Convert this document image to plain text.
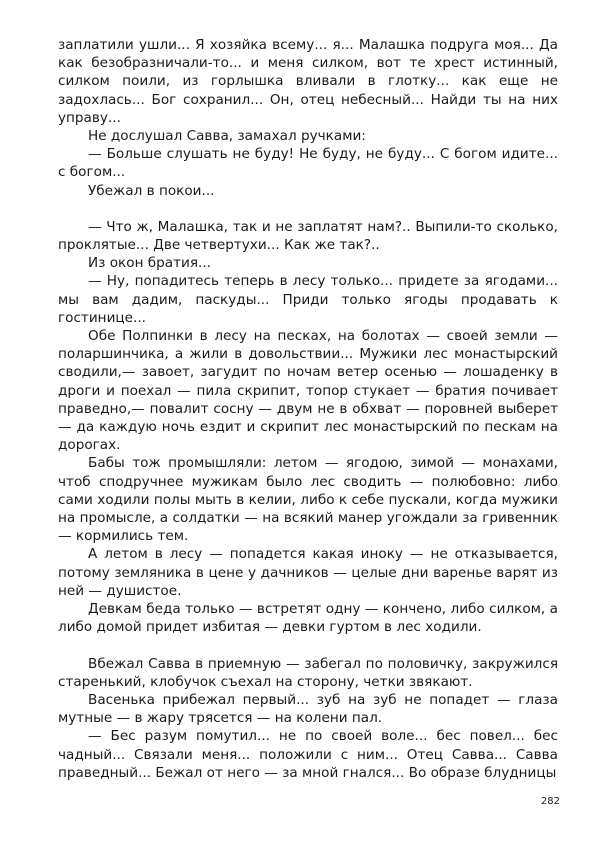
заплатили ушли... Я хозяйка всему... я... Малашка подруга моя... Да как безобразничали-то... и меня силком, вот те хрест истинный, силком поили, из горлышка вливали в глотку... как еще не задохлась... Бог сохранил... Он, отец небесный... Найди ты на них управу...

Не дослушал Савва, замахал ручками:

— Больше слушать не буду! Не буду, не буду... С богом идите... с богом...

Убежал в покои...

— Что ж, Малашка, так и не заплатят нам?.. Выпили-то сколько, проклятые... Две четвертухи... Как же так?..

Из окон братия...

— Ну, попадитесь теперь в лесу только... придете за ягодами... мы вам дадим, паскуды... Приди только ягоды продавать к гостинице...

Обе Полпинки в лесу на песках, на болотах — своей земли — поларшинчика, а жили в довольствии... Мужики лес монастырский сводили,— завоет, загудит по ночам ветер осенью — лошаденку в дроги и поехал — пила скрипит, топор стукает — братия почивает праведно,— повалит сосну — двум не в обхват — поровней выберет — да каждую ночь ездит и скрипит лес монастырский по пескам на дорогах.

Бабы тож промышляли: летом — ягодою, зимой — монахами, чтоб сподручнее мужикам было лес сводить — полюбовно: либо сами ходили полы мыть в келии, либо к себе пускали, когда мужики на промысле, а солдатки — на всякий манер угождали за гривенник — кормились тем.

А летом в лесу — попадется какая иноку — не отказывается, потому земляника в цене у дачников — целые дни варенье варят из ней — душистое.

Девкам беда только — встретят одну — кончено, либо силком, а либо домой придет избитая — девки гуртом в лес ходили.

Вбежал Савва в приемную — забегал по половичку, закружился старенький, клобучок съехал на сторону, четки звякают.

Васенька прибежал первый... зуб на зуб не попадет — глаза мутные — в жару трясется — на колени пал.

— Бес разум помутил... не по своей воле... бес повел... бес чадный... Связали меня... положили с ним... Отец Савва... Савва праведный... Бежал от него — за мной гнался... Во образе блудницы

282
